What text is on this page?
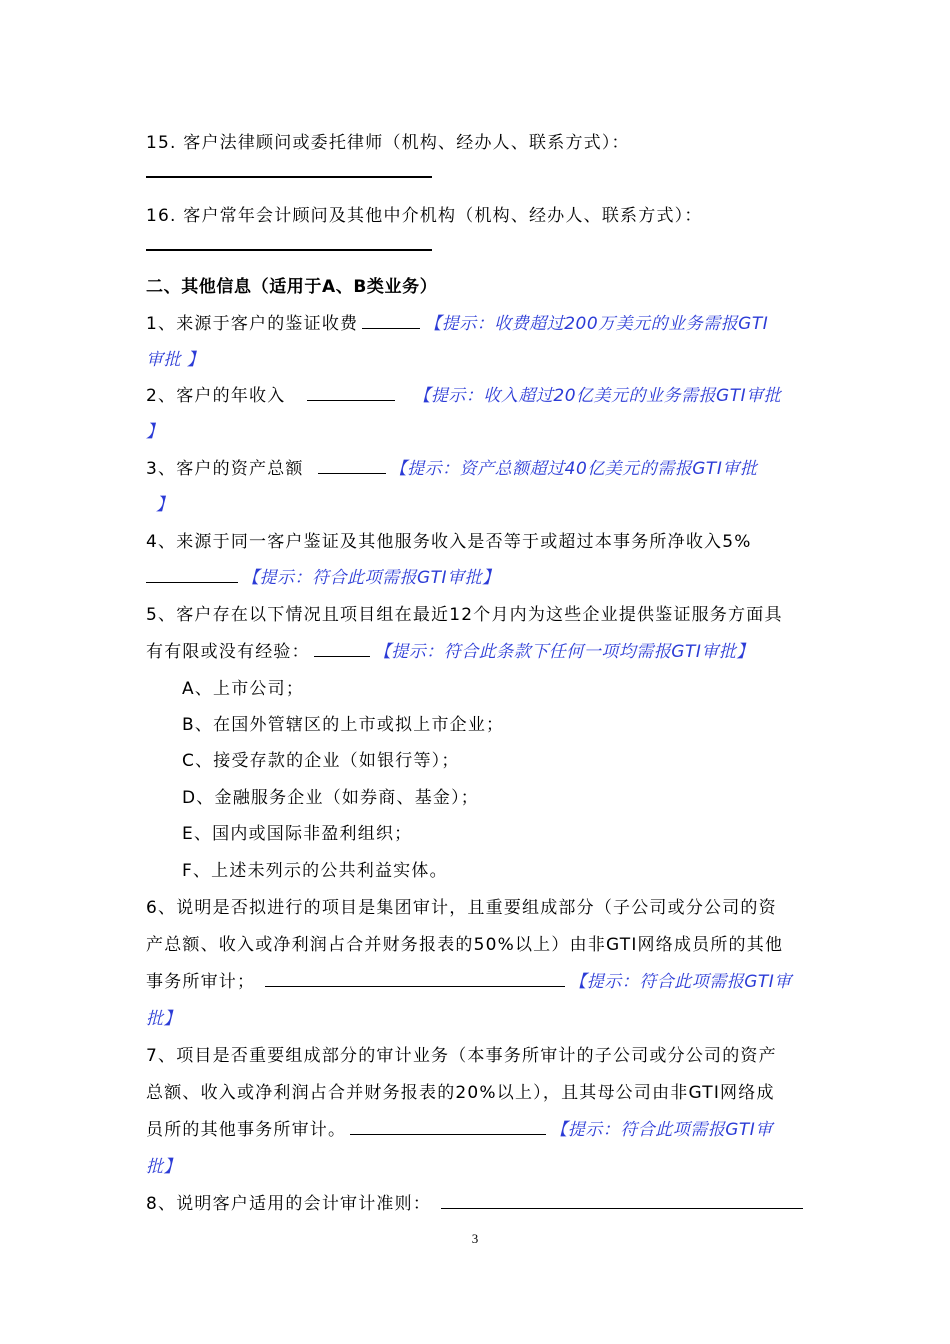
15. 客户法律顾问或委托律师（机构、经办人、联系方式）：
16. 客户常年会计顾问及其他中介机构（机构、经办人、联系方式）：
二、其他信息（适用于A、B类业务）
1、来源于客户的鉴证收费	【提示：收费超过200万美元的业务需报GTI
审批 】
2、客户的年收入	【提示：收入超过20亿美元的业务需报GTI审批
】
3、客户的资产总额	【提示：资产总额超过40亿美元的需报GTI审批
】
4、来源于同一客户鉴证及其他服务收入是否等于或超过本事务所净收入5%
【提示：符合此项需报GTI审批】
5、客户存在以下情况且项目组在最近12个月内为这些企业提供鉴证服务方面具
有有限或没有经验：	【提示：符合此条款下任何一项均需报GTI审批】
A、上市公司；
B、在国外管辖区的上市或拟上市企业；
C、接受存款的企业（如银行等）；
D、金融服务企业（如券商、基金）；
E、国内或国际非盈利组织；
F、上述未列示的公共利益实体。
6、说明是否拟进行的项目是集团审计，且重要组成部分（子公司或分公司的资
产总额、收入或净利润占合并财务报表的50%以上）由非GTI网络成员所的其他
事务所审计；	【提示：符合此项需报GTI审
批】
7、项目是否重要组成部分的审计业务（本事务所审计的子公司或分公司的资产
总额、收入或净利润占合并财务报表的20%以上），且其母公司由非GTI网络成
员所的其他事务所审计。	【提示：符合此项需报GTI审
批】
8、说明客户适用的会计审计准则：
3
